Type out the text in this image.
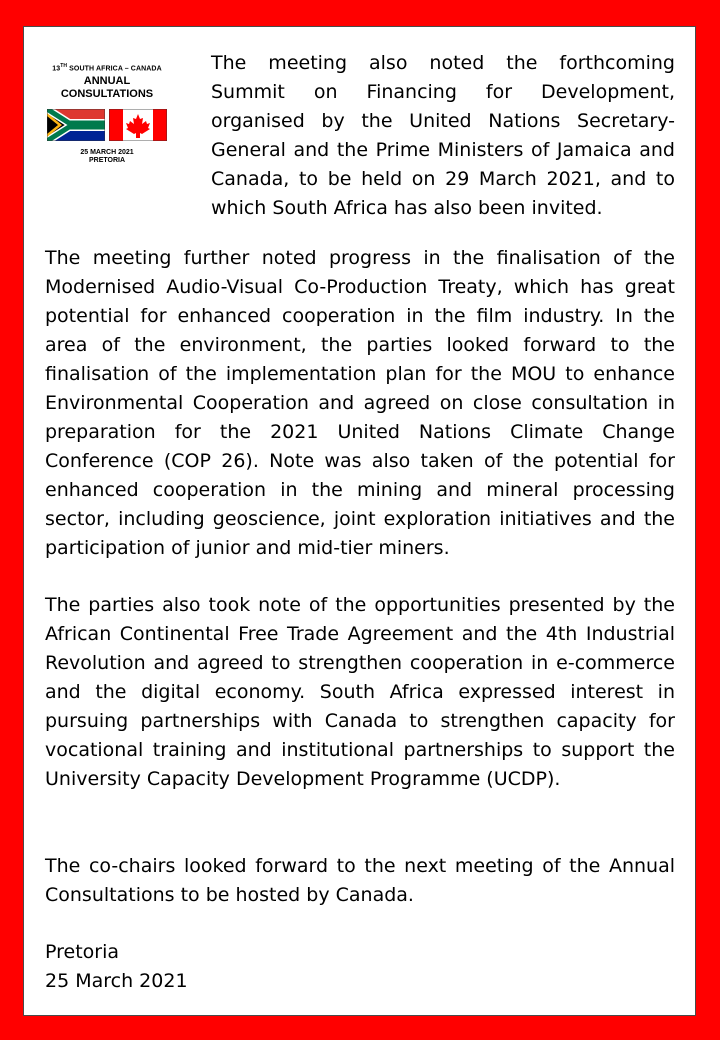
13TH SOUTH AFRICA – CANADA
ANNUAL
CONSULTATIONS
25 MARCH 2021
PRETORIA
The meeting also noted the forthcoming Summit on Financing for Development, organised by the United Nations Secretary-General and the Prime Ministers of Jamaica and Canada, to be held on 29 March 2021, and to which South Africa has also been invited.
The meeting further noted progress in the finalisation of the Modernised Audio-Visual Co-Production Treaty, which has great potential for enhanced cooperation in the film industry. In the area of the environment, the parties looked forward to the finalisation of the implementation plan for the MOU to enhance Environmental Cooperation and agreed on close consultation in preparation for the 2021 United Nations Climate Change Conference (COP 26). Note was also taken of the potential for enhanced cooperation in the mining and mineral processing sector, including geoscience, joint exploration initiatives and the participation of junior and mid-tier miners.
The parties also took note of the opportunities presented by the African Continental Free Trade Agreement and the 4th Industrial Revolution and agreed to strengthen cooperation in e-commerce and the digital economy. South Africa expressed interest in pursuing partnerships with Canada to strengthen capacity for vocational training and institutional partnerships to support the University Capacity Development Programme (UCDP).
The co-chairs looked forward to the next meeting of the Annual Consultations to be hosted by Canada.
Pretoria
25 March 2021
